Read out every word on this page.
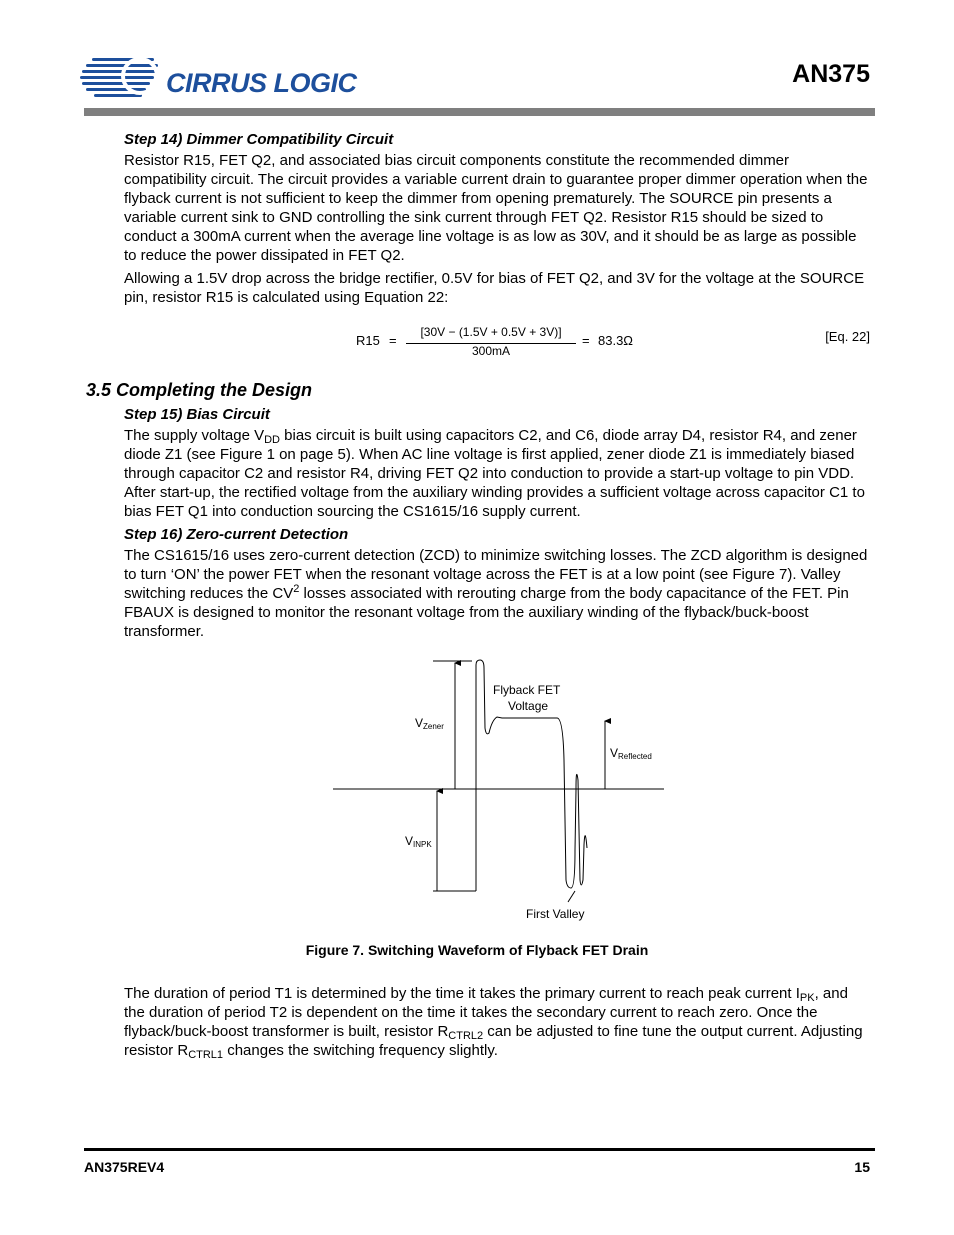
CIRRUS LOGIC	AN375
Step 14) Dimmer Compatibility Circuit
Resistor R15, FET Q2, and associated bias circuit components constitute the recommended dimmer compatibility circuit. The circuit provides a variable current drain to guarantee proper dimmer operation when the flyback current is not sufficient to keep the dimmer from opening prematurely. The SOURCE pin presents a variable current sink to GND controlling the sink current through FET Q2. Resistor R15 should be sized to conduct a 300mA current when the average line voltage is as low as 30V, and it should be as large as possible to reduce the power dissipated in FET Q2.
Allowing a 1.5V drop across the bridge rectifier, 0.5V for bias of FET Q2, and 3V for the voltage at the SOURCE pin, resistor R15 is calculated using Equation 22:
R15 =
[30V − (1.5V + 0.5V + 3V)]
300mA
= 83.3Ω	[Eq. 22]
3.5 Completing the Design
Step 15) Bias Circuit
The supply voltage $V_{DD}$ bias circuit is built using capacitors C2, and C6, diode array D4, resistor R4, and zener diode Z1 (see Figure 1 on page 5). When AC line voltage is first applied, zener diode Z1 is immediately biased through capacitor C2 and resistor R4, driving FET Q2 into conduction to provide a start-up voltage to pin VDD. After start-up, the rectified voltage from the auxiliary winding provides a sufficient voltage across capacitor C1 to bias FET Q1 into conduction sourcing the CS1615/16 supply current.
Step 16) Zero-current Detection
The CS1615/16 uses zero-current detection (ZCD) to minimize switching losses. The ZCD algorithm is designed to turn ‘ON’ the power FET when the resonant voltage across the FET is at a low point (see Figure 7). Valley switching reduces the $CV^2$ losses associated with rerouting charge from the body capacitance of the FET. Pin FBAUX is designed to monitor the resonant voltage from the auxiliary winding of the flyback/buck-boost transformer.
Flyback FET
Voltage
$V_{Zener}$
$V_{Reflected}$
$V_{INPK}$
First Valley
Figure 7. Switching Waveform of Flyback FET Drain
The duration of period T1 is determined by the time it takes the primary current to reach peak current $I_{PK}$, and the duration of period T2 is dependent on the time it takes the secondary current to reach zero. Once the flyback/buck-boost transformer is built, resistor $R_{CTRL2}$ can be adjusted to fine tune the output current. Adjusting resistor $R_{CTRL1}$ changes the switching frequency slightly.
AN375REV4	15
